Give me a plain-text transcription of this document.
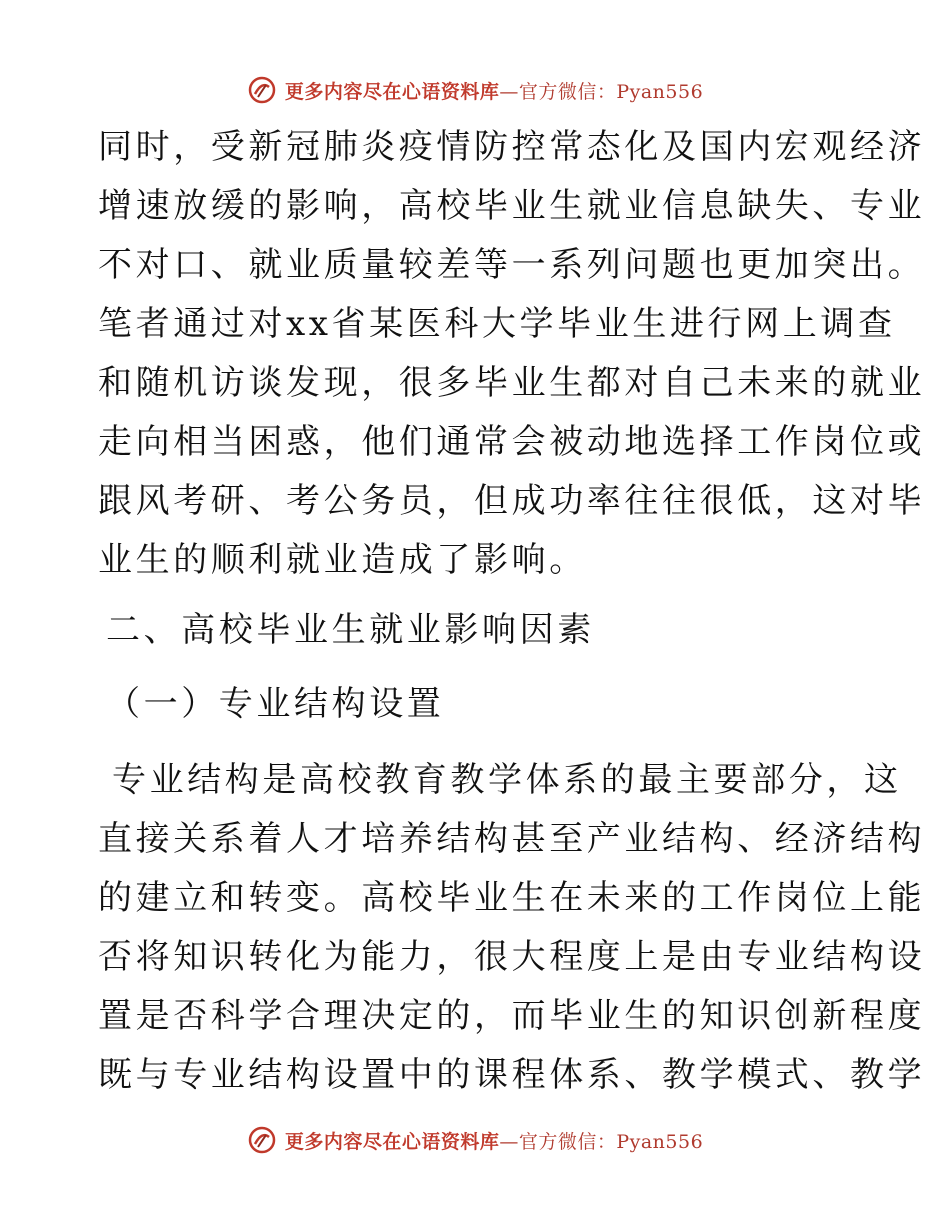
更多内容尽在心语资料库—官方微信：Pyan556
同时，受新冠肺炎疫情防控常态化及国内宏观经济
增速放缓的影响，高校毕业生就业信息缺失、专业
不对口、就业质量较差等一系列问题也更加突出。
笔者通过对xx省某医科大学毕业生进行网上调查
和随机访谈发现，很多毕业生都对自己未来的就业
走向相当困惑，他们通常会被动地选择工作岗位或
跟风考研、考公务员，但成功率往往很低，这对毕
业生的顺利就业造成了影响。
二、高校毕业生就业影响因素
（一）专业结构设置
专业结构是高校教育教学体系的最主要部分，这
直接关系着人才培养结构甚至产业结构、经济结构
的建立和转变。高校毕业生在未来的工作岗位上能
否将知识转化为能力，很大程度上是由专业结构设
置是否科学合理决定的，而毕业生的知识创新程度
既与专业结构设置中的课程体系、教学模式、教学
更多内容尽在心语资料库—官方微信：Pyan556
